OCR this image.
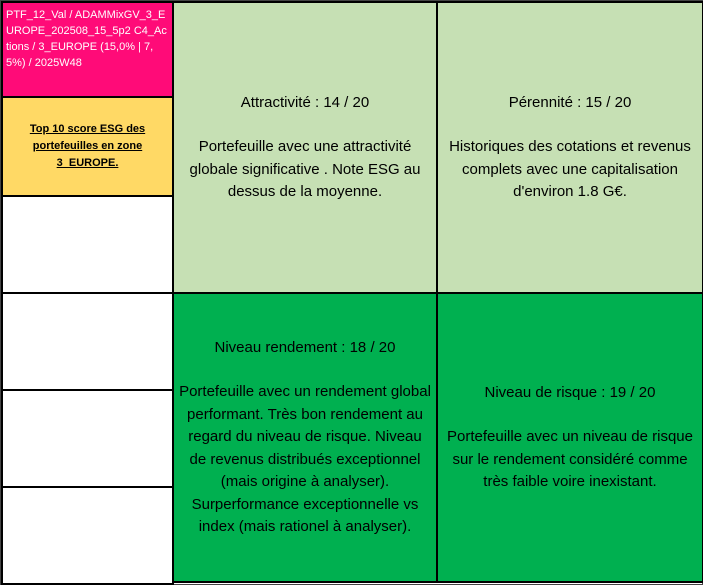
PTF_12_Val / ADAMMixGV_3_EUROPE_202508_15_5p2 C4_Actions / 3_EUROPE (15,0% | 7,5%) / 2025W48
Top 10 score ESG des portefeuilles en zone 3_EUROPE.
Attractivité : 14 / 20
Portefeuille avec une attractivité globale significative . Note ESG au dessus de la moyenne.
Pérennité : 15 / 20
Historiques des cotations et revenus complets avec une capitalisation d'environ 1.8 G€.
Niveau rendement : 18 / 20
Portefeuille avec un rendement global performant. Très bon rendement au regard du niveau de risque. Niveau de revenus distribués exceptionnel (mais origine à analyser). Surperformance exceptionnelle vs index (mais rationel à analyser).
Niveau de risque : 19 / 20
Portefeuille avec un niveau de risque sur le rendement considéré comme très faible voire inexistant.
